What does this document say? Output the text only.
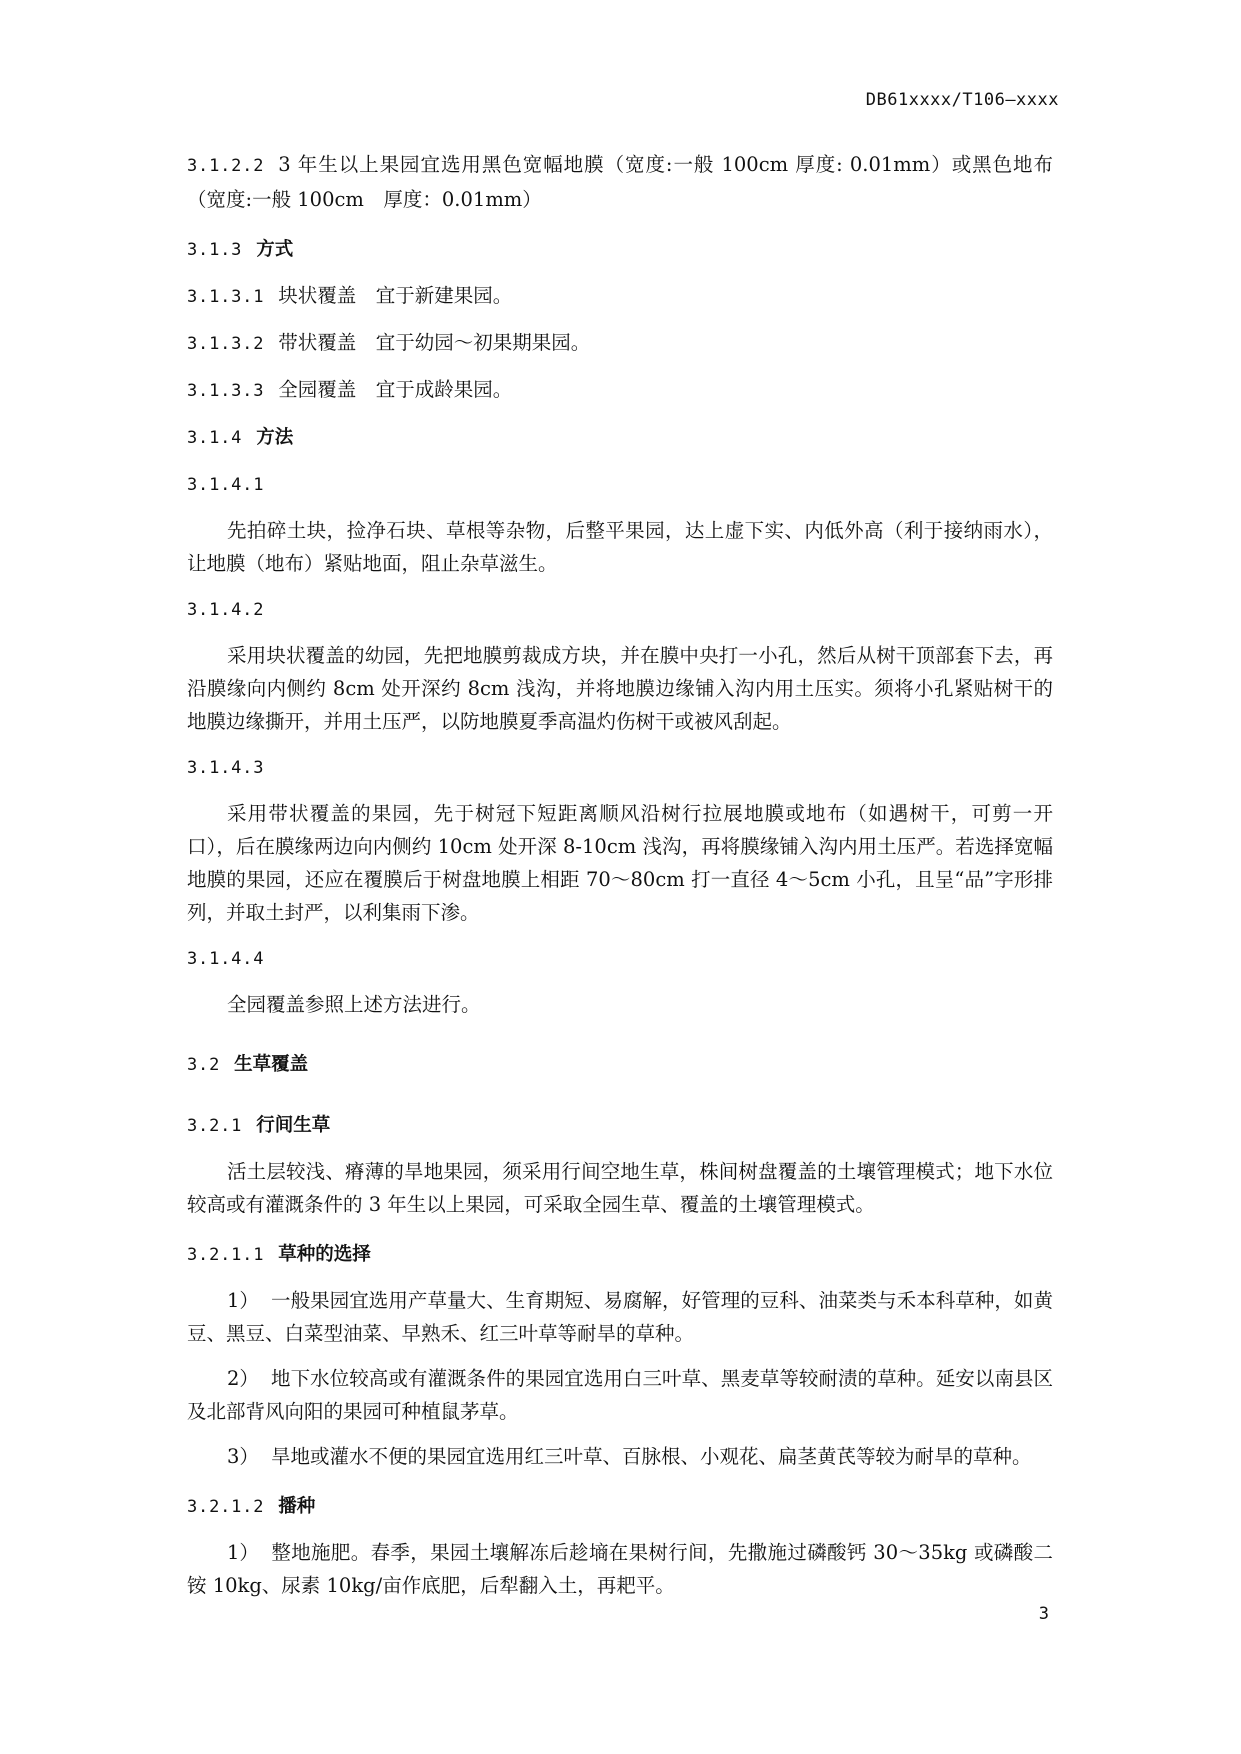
DB61xxxx/T106—xxxx

3.1.2.2 3 年生以上果园宜选用黑色宽幅地膜（宽度:一般 100cm 厚度: 0.01mm）或黑色地布（宽度:一般 100cm　厚度：0.01mm）

3.1.3 方式

3.1.3.1 块状覆盖　宜于新建果园。

3.1.3.2 带状覆盖　宜于幼园～初果期果园。

3.1.3.3 全园覆盖　宜于成龄果园。

3.1.4 方法

3.1.4.1

先拍碎土块，捡净石块、草根等杂物，后整平果园，达上虚下实、内低外高（利于接纳雨水），让地膜（地布）紧贴地面，阻止杂草滋生。

3.1.4.2

采用块状覆盖的幼园，先把地膜剪裁成方块，并在膜中央打一小孔，然后从树干顶部套下去，再沿膜缘向内侧约 8cm 处开深约 8cm 浅沟，并将地膜边缘铺入沟内用土压实。须将小孔紧贴树干的地膜边缘撕开，并用土压严，以防地膜夏季高温灼伤树干或被风刮起。

3.1.4.3

采用带状覆盖的果园，先于树冠下短距离顺风沿树行拉展地膜或地布（如遇树干，可剪一开口），后在膜缘两边向内侧约 10cm 处开深 8-10cm 浅沟，再将膜缘铺入沟内用土压严。若选择宽幅地膜的果园，还应在覆膜后于树盘地膜上相距 70～80cm 打一直径 4～5cm 小孔，且呈“品”字形排列，并取土封严，以利集雨下渗。

3.1.4.4

全园覆盖参照上述方法进行。

3.2 生草覆盖

3.2.1 行间生草

活土层较浅、瘠薄的旱地果园，须采用行间空地生草，株间树盘覆盖的土壤管理模式；地下水位较高或有灌溉条件的 3 年生以上果园，可采取全园生草、覆盖的土壤管理模式。

3.2.1.1 草种的选择

1） 一般果园宜选用产草量大、生育期短、易腐解，好管理的豆科、油菜类与禾本科草种，如黄豆、黑豆、白菜型油菜、早熟禾、红三叶草等耐旱的草种。

2） 地下水位较高或有灌溉条件的果园宜选用白三叶草、黑麦草等较耐渍的草种。延安以南县区及北部背风向阳的果园可种植鼠茅草。

3） 旱地或灌水不便的果园宜选用红三叶草、百脉根、小观花、扁茎黄芪等较为耐旱的草种。

3.2.1.2 播种

1） 整地施肥。春季，果园土壤解冻后趁墒在果树行间，先撒施过磷酸钙 30～35kg 或磷酸二铵 10kg、尿素 10kg/亩作底肥，后犁翻入土，再耙平。

3
